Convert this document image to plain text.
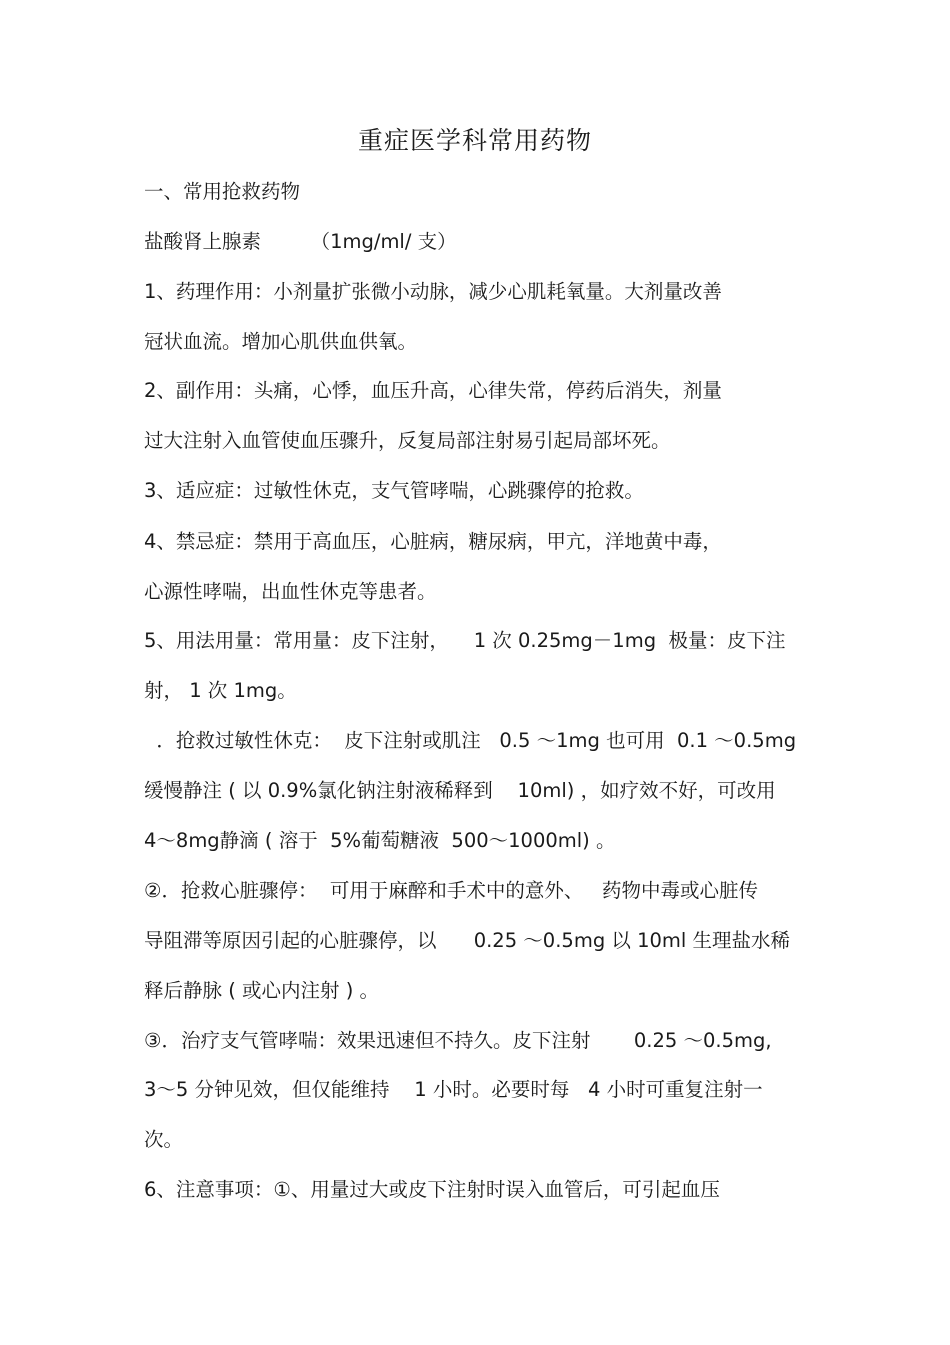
重症医学科常用药物
一、常用抢救药物
盐酸肾上腺素        （1mg/ml/ 支）
1、药理作用：小剂量扩张微小动脉，减少心肌耗氧量。大剂量改善
冠状血流。增加心肌供血供氧。
2、副作用：头痛，心悸，血压升高，心律失常，停药后消失，剂量
过大注射入血管使血压骤升，反复局部注射易引起局部坏死。
3、适应症：过敏性休克，支气管哮喘，心跳骤停的抢救。
4、禁忌症：禁用于高血压，心脏病，糖尿病，甲亢，洋地黄中毒，
心源性哮喘，出血性休克等患者。
5、用法用量：常用量：皮下注射，    1 次 0.25mg－1mg  极量：皮下注
射， 1 次 1mg。
．抢救过敏性休克：  皮下注射或肌注   0.5 ～1mg 也可用  0.1 ～0.5mg
缓慢静注 ( 以 0.9%氯化钠注射液稀释到    10ml) ，如疗效不好，可改用
4～8mg静滴 ( 溶于  5%葡萄糖液  500～1000ml) 。
②．抢救心脏骤停：  可用于麻醉和手术中的意外、   药物中毒或心脏传
导阻滞等原因引起的心脏骤停，以      0.25 ～0.5mg 以 10ml 生理盐水稀
释后静脉 ( 或心内注射 ) 。
③．治疗支气管哮喘：效果迅速但不持久。皮下注射       0.25 ～0.5mg,
3～5 分钟见效，但仅能维持    1 小时。必要时每   4 小时可重复注射一
次。
6、注意事项：①、用量过大或皮下注射时误入血管后，可引起血压
